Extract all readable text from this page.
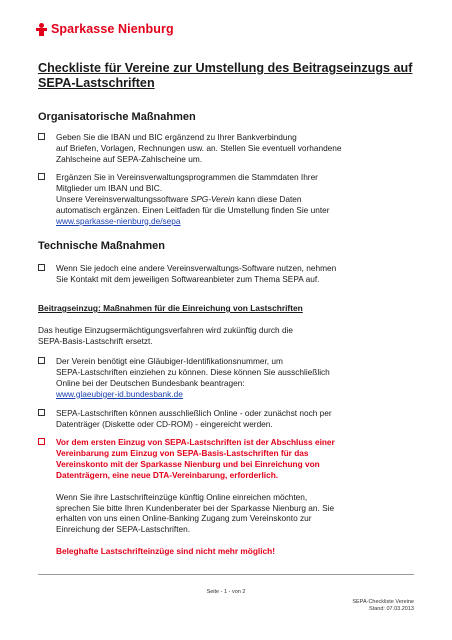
Sparkasse Nienburg
Checkliste für Vereine zur Umstellung des Beitragseinzugs auf SEPA-Lastschriften
Organisatorische Maßnahmen

Geben Sie die IBAN und BIC ergänzend zu Ihrer Bankverbindung

auf Briefen, Vorlagen, Rechnungen usw. an. Stellen Sie eventuell vorhandene

Zahlscheine auf SEPA-Zahlscheine um.

Ergänzen Sie in Vereinsverwaltungsprogrammen die Stammdaten Ihrer

Mitglieder um IBAN und BIC.

Unsere Vereinsverwaltungssoftware SPG-Verein kann diese Daten

automatisch ergänzen. Einen Leitfaden für die Umstellung finden Sie unter

www.sparkasse-nienburg.de/sepa

Technische Maßnahmen

Wenn Sie jedoch eine andere Vereinsverwaltungs-Software nutzen, nehmen

Sie Kontakt mit dem jeweiligen Softwareanbieter zum Thema SEPA auf.

Beitragseinzug: Maßnahmen für die Einreichung von Lastschriften

Das heutige Einzugsermächtigungsverfahren wird zukünftig durch die

SEPA-Basis-Lastschrift ersetzt.

Der Verein benötigt eine Gläubiger-Identifikationsnummer, um

SEPA-Lastschriften einziehen zu können. Diese können Sie ausschließlich

Online bei der Deutschen Bundesbank beantragen:

www.glaeubiger-id.bundesbank.de

SEPA-Lastschriften können ausschließlich Online - oder zunächst noch per

Datenträger (Diskette oder CD-ROM) - eingereicht werden.

Vor dem ersten Einzug von SEPA-Lastschriften ist der Abschluss einer

Vereinbarung zum Einzug von SEPA-Basis-Lastschriften für das

Vereinskonto mit der Sparkasse Nienburg und bei Einreichung von

Datenträgern, eine neue DTA-Vereinbarung, erforderlich.

Wenn Sie ihre Lastschrifteinzüge künftig Online einreichen möchten,

sprechen Sie bitte Ihren Kundenberater bei der Sparkasse Nienburg an. Sie

erhalten von uns einen Online-Banking Zugang zum Vereinskonto zur

Einreichung der SEPA-Lastschriften.

Beleghafte Lastschrifteinzüge sind nicht mehr möglich!

Seite - 1 - von 2
SEPA-Checkliste Vereine
Stand: 07.03.2013
